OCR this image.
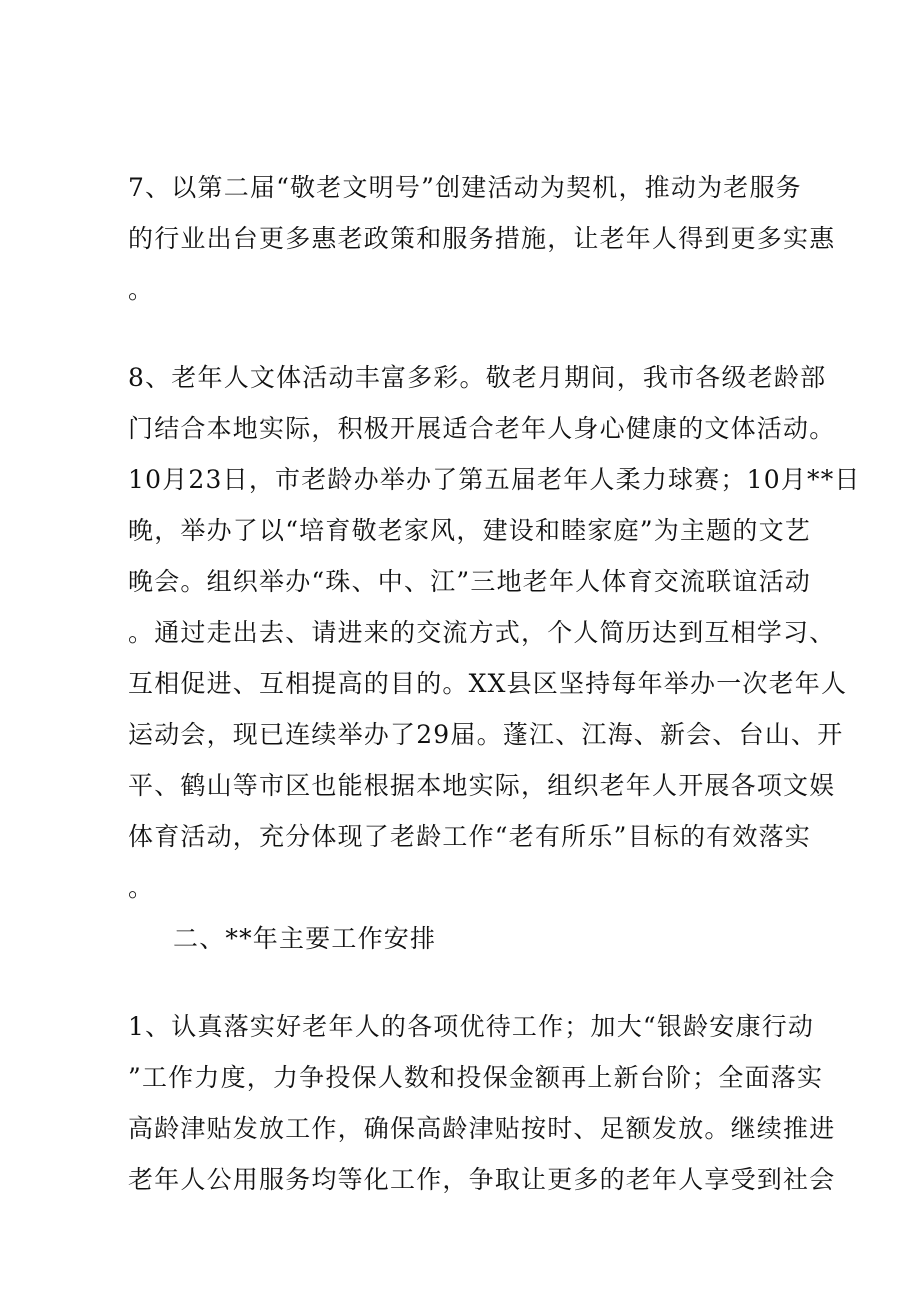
7、以第二届“敬老文明号”创建活动为契机，推动为老服务
的行业出台更多惠老政策和服务措施，让老年人得到更多实惠
。
8、老年人文体活动丰富多彩。敬老月期间，我市各级老龄部
门结合本地实际，积极开展适合老年人身心健康的文体活动。
10月23日，市老龄办举办了第五届老年人柔力球赛；10月**日
晚，举办了以“培育敬老家风，建设和睦家庭”为主题的文艺
晚会。组织举办“珠、中、江”三地老年人体育交流联谊活动
。通过走出去、请进来的交流方式，个人简历达到互相学习、
互相促进、互相提高的目的。XX县区坚持每年举办一次老年人
运动会，现已连续举办了29届。蓬江、江海、新会、台山、开
平、鹤山等市区也能根据本地实际，组织老年人开展各项文娱
体育活动，充分体现了老龄工作“老有所乐”目标的有效落实
。
二、**年主要工作安排
1、认真落实好老年人的各项优待工作；加大“银龄安康行动
”工作力度，力争投保人数和投保金额再上新台阶；全面落实
高龄津贴发放工作，确保高龄津贴按时、足额发放。继续推进
老年人公用服务均等化工作，争取让更多的老年人享受到社会
